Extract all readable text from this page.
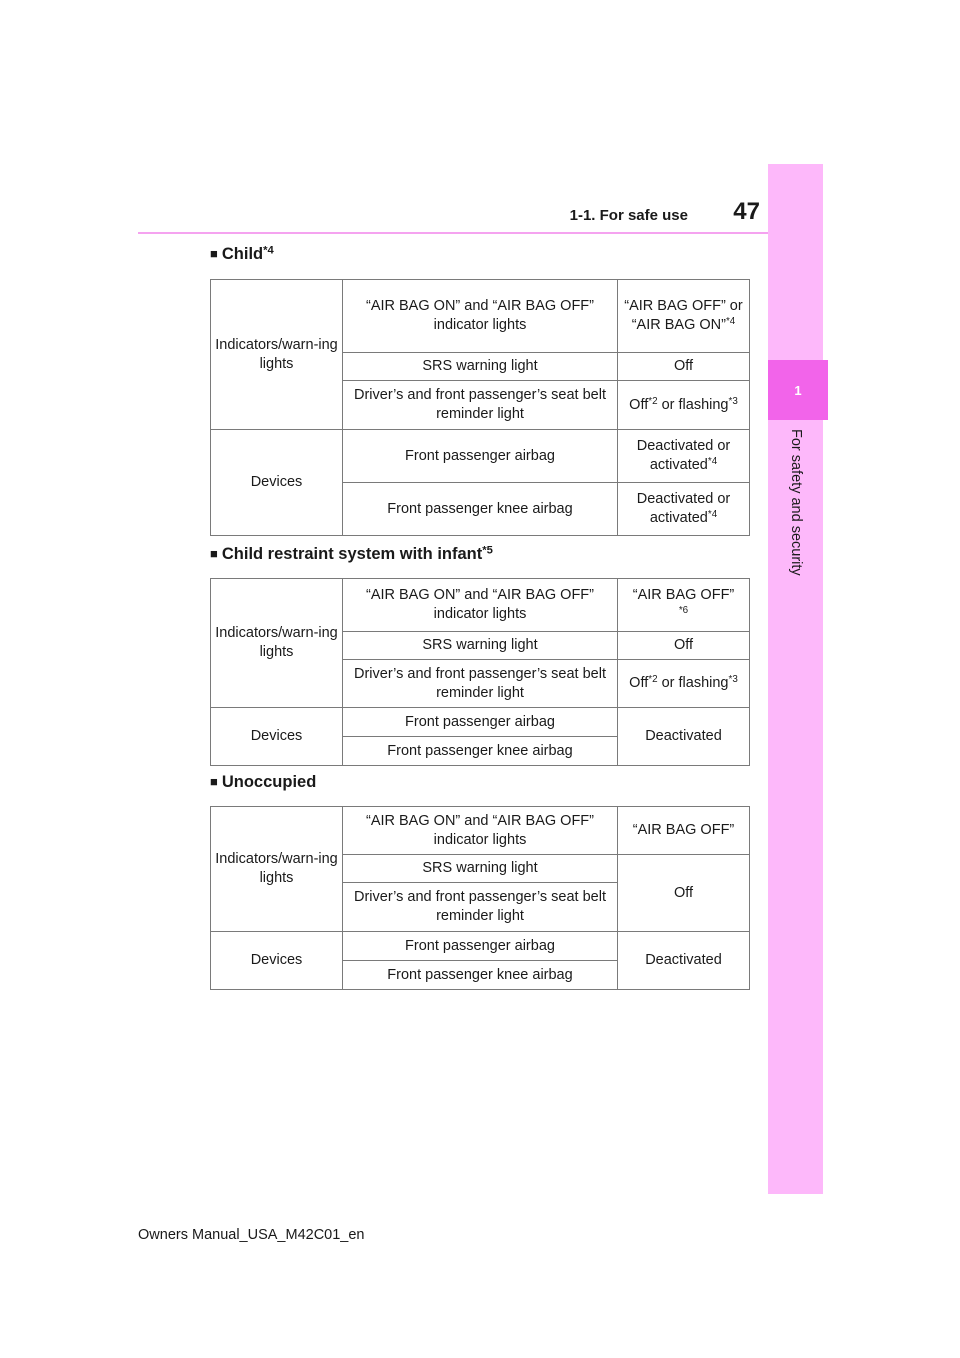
1-1. For safe use 47
1
For safety and security
■ Child$^{*4}$
Indicators/warn-ing lights	“AIR BAG ON” and “AIR BAG OFF” indicator lights	“AIR BAG OFF” or “AIR BAG ON”$^{*4}$
	SRS warning light	Off
	Driver’s and front passenger’s seat belt reminder light	Off$^{*2}$ or flashing$^{*3}$
Devices	Front passenger airbag	Deactivated or activated$^{*4}$
	Front passenger knee airbag	Deactivated or activated$^{*4}$
■ Child restraint system with infant$^{*5}$
Indicators/warn-ing lights	“AIR BAG ON” and “AIR BAG OFF” indicator lights	“AIR BAG OFF”
$^{*6}$
	SRS warning light	Off
	Driver’s and front passenger’s seat belt reminder light	Off$^{*2}$ or flashing$^{*3}$
Devices	Front passenger airbag	Deactivated
	Front passenger knee airbag	
■ Unoccupied
Indicators/warn-ing lights	“AIR BAG ON” and “AIR BAG OFF” indicator lights	“AIR BAG OFF”
	SRS warning light	Off
	Driver’s and front passenger’s seat belt reminder light	
Devices	Front passenger airbag	Deactivated
	Front passenger knee airbag	
Owners Manual_USA_M42C01_en
